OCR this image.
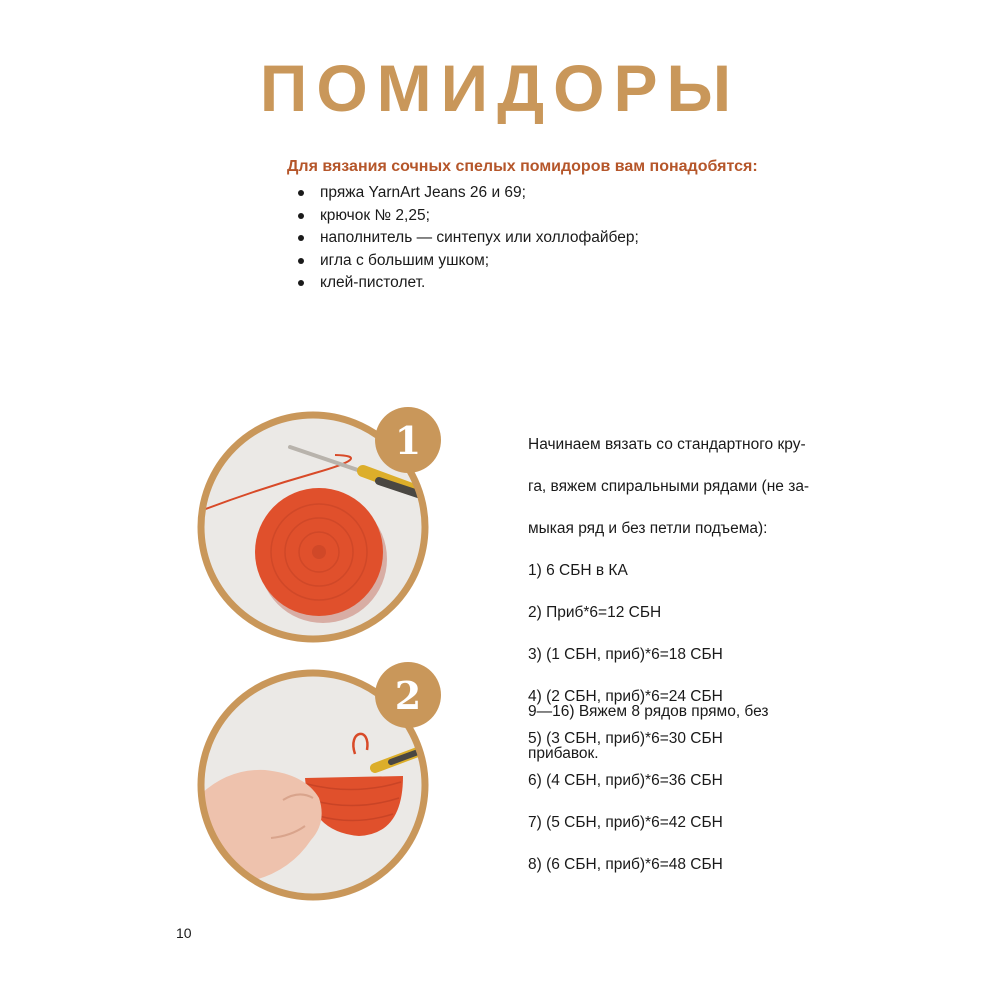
ПОМИДОРЫ
Для вязания сочных спелых помидоров вам понадобятся:
пряжа YarnArt Jeans 26 и 69;
крючок № 2,25;
наполнитель — синтепух или холлофайбер;
игла с большим ушком;
клей-пистолет.
1	Начинаем вязать со стандартного кру-

га, вяжем спиральными рядами (не за-

мыкая ряд и без петли подъема):

1) 6 СБН в КА

2) Приб*6=12 СБН

3) (1 СБН, приб)*6=18 СБН

4) (2 СБН, приб)*6=24 СБН

5) (3 СБН, приб)*6=30 СБН

6) (4 СБН, приб)*6=36 СБН

7) (5 СБН, приб)*6=42 СБН

8) (6 СБН, приб)*6=48 СБН

2	9—16) Вяжем 8 рядов прямо, без

прибавок.

10
